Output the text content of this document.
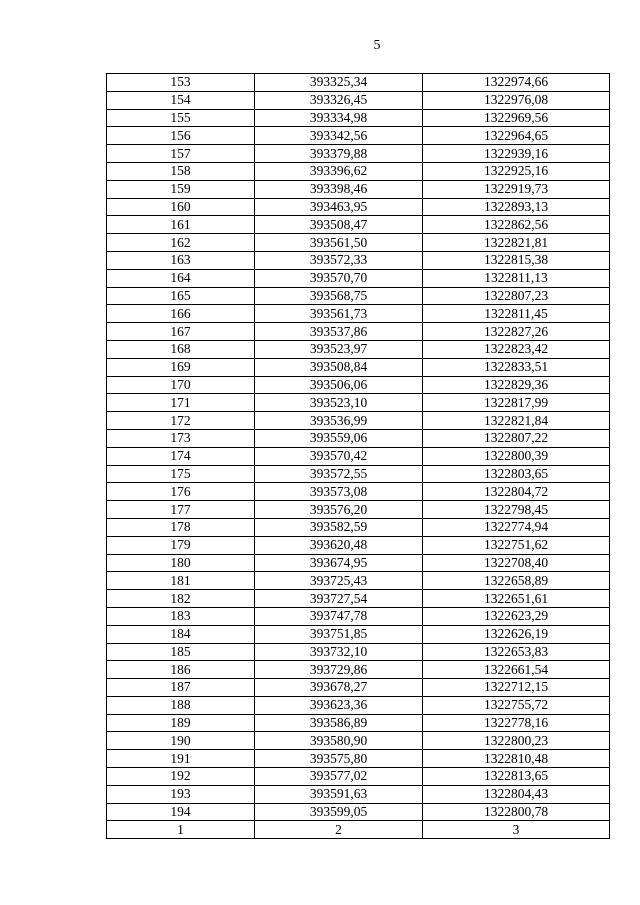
5
153	393325,34	1322974,66
154	393326,45	1322976,08
155	393334,98	1322969,56
156	393342,56	1322964,65
157	393379,88	1322939,16
158	393396,62	1322925,16
159	393398,46	1322919,73
160	393463,95	1322893,13
161	393508,47	1322862,56
162	393561,50	1322821,81
163	393572,33	1322815,38
164	393570,70	1322811,13
165	393568,75	1322807,23
166	393561,73	1322811,45
167	393537,86	1322827,26
168	393523,97	1322823,42
169	393508,84	1322833,51
170	393506,06	1322829,36
171	393523,10	1322817,99
172	393536,99	1322821,84
173	393559,06	1322807,22
174	393570,42	1322800,39
175	393572,55	1322803,65
176	393573,08	1322804,72
177	393576,20	1322798,45
178	393582,59	1322774,94
179	393620,48	1322751,62
180	393674,95	1322708,40
181	393725,43	1322658,89
182	393727,54	1322651,61
183	393747,78	1322623,29
184	393751,85	1322626,19
185	393732,10	1322653,83
186	393729,86	1322661,54
187	393678,27	1322712,15
188	393623,36	1322755,72
189	393586,89	1322778,16
190	393580,90	1322800,23
191	393575,80	1322810,48
192	393577,02	1322813,65
193	393591,63	1322804,43
194	393599,05	1322800,78
1	2	3
